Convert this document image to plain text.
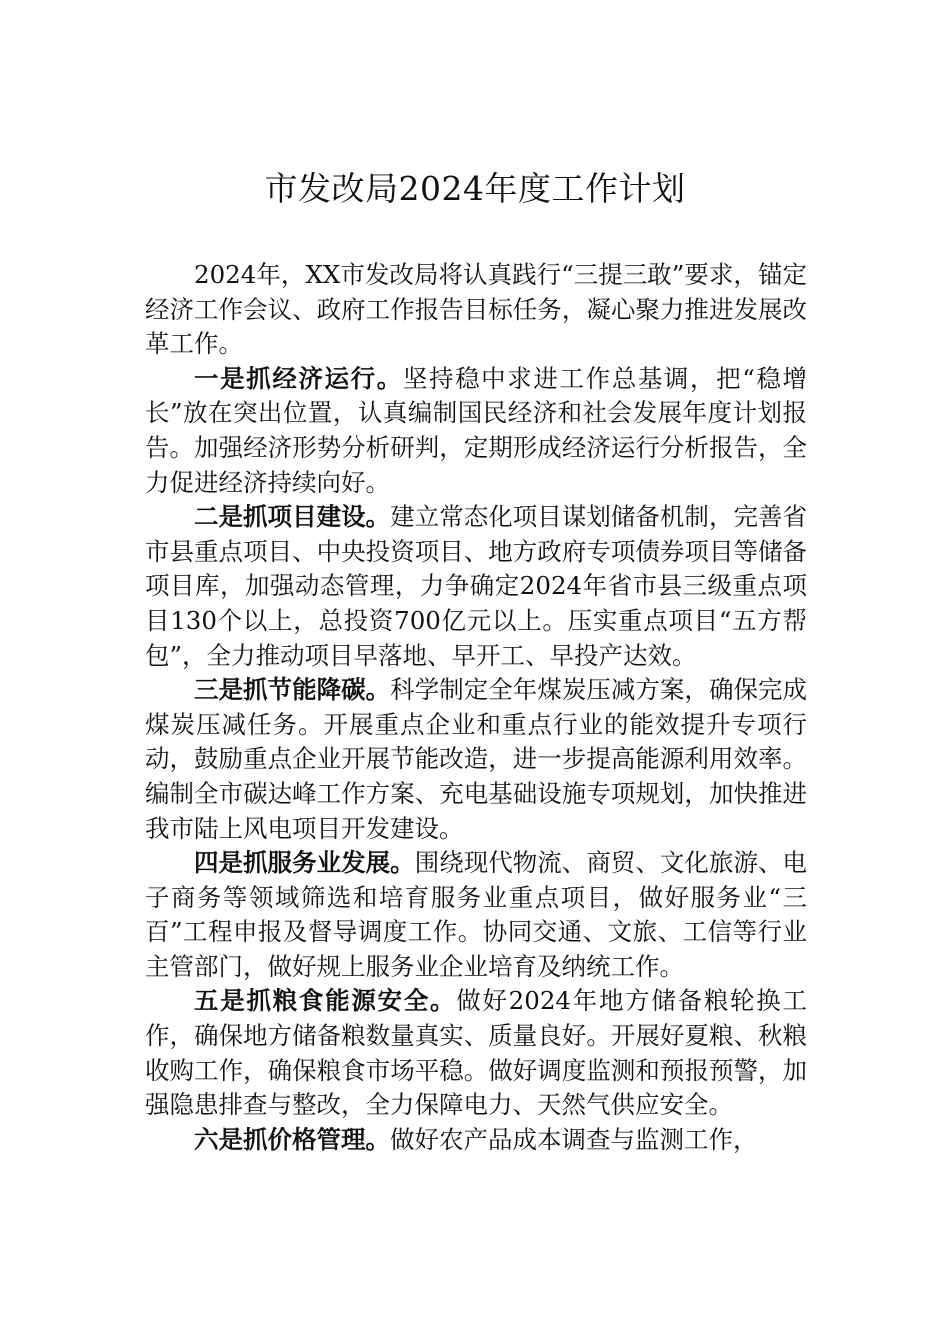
市发改局2024年度工作计划

2024年，XX市发改局将认真践行“三提三敢”要求，锚定经济工作会议、政府工作报告目标任务，凝心聚力推进发展改革工作。

一是抓经济运行。坚持稳中求进工作总基调，把“稳增长”放在突出位置，认真编制国民经济和社会发展年度计划报告。加强经济形势分析研判，定期形成经济运行分析报告，全力促进经济持续向好。

二是抓项目建设。建立常态化项目谋划储备机制，完善省市县重点项目、中央投资项目、地方政府专项债券项目等储备项目库，加强动态管理，力争确定2024年省市县三级重点项目130个以上，总投资700亿元以上。压实重点项目“五方帮包”，全力推动项目早落地、早开工、早投产达效。

三是抓节能降碳。科学制定全年煤炭压减方案，确保完成煤炭压减任务。开展重点企业和重点行业的能效提升专项行动，鼓励重点企业开展节能改造，进一步提高能源利用效率。编制全市碳达峰工作方案、充电基础设施专项规划，加快推进我市陆上风电项目开发建设。

四是抓服务业发展。围绕现代物流、商贸、文化旅游、电子商务等领域筛选和培育服务业重点项目，做好服务业“三百”工程申报及督导调度工作。协同交通、文旅、工信等行业主管部门，做好规上服务业企业培育及纳统工作。

五是抓粮食能源安全。做好2024年地方储备粮轮换工作，确保地方储备粮数量真实、质量良好。开展好夏粮、秋粮收购工作，确保粮食市场平稳。做好调度监测和预报预警，加强隐患排查与整改，全力保障电力、天然气供应安全。

六是抓价格管理。做好农产品成本调查与监测工作，
